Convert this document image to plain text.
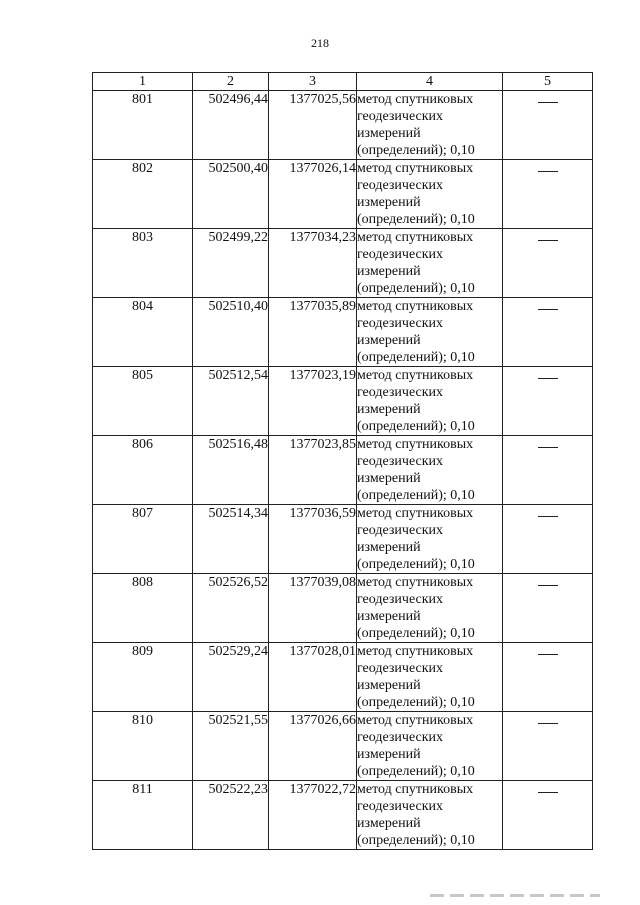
218
1	2	3	4	5
801	502496,44	1377025,56	метод спутниковых
геодезических
измерений
(определений); 0,10	

802	502500,40	1377026,14	метод спутниковых
геодезических
измерений
(определений); 0,10	

803	502499,22	1377034,23	метод спутниковых
геодезических
измерений
(определений); 0,10	

804	502510,40	1377035,89	метод спутниковых
геодезических
измерений
(определений); 0,10	

805	502512,54	1377023,19	метод спутниковых
геодезических
измерений
(определений); 0,10	

806	502516,48	1377023,85	метод спутниковых
геодезических
измерений
(определений); 0,10	

807	502514,34	1377036,59	метод спутниковых
геодезических
измерений
(определений); 0,10	

808	502526,52	1377039,08	метод спутниковых
геодезических
измерений
(определений); 0,10	

809	502529,24	1377028,01	метод спутниковых
геодезических
измерений
(определений); 0,10	

810	502521,55	1377026,66	метод спутниковых
геодезических
измерений
(определений); 0,10	

811	502522,23	1377022,72	метод спутниковых
геодезических
измерений
(определений); 0,10	
